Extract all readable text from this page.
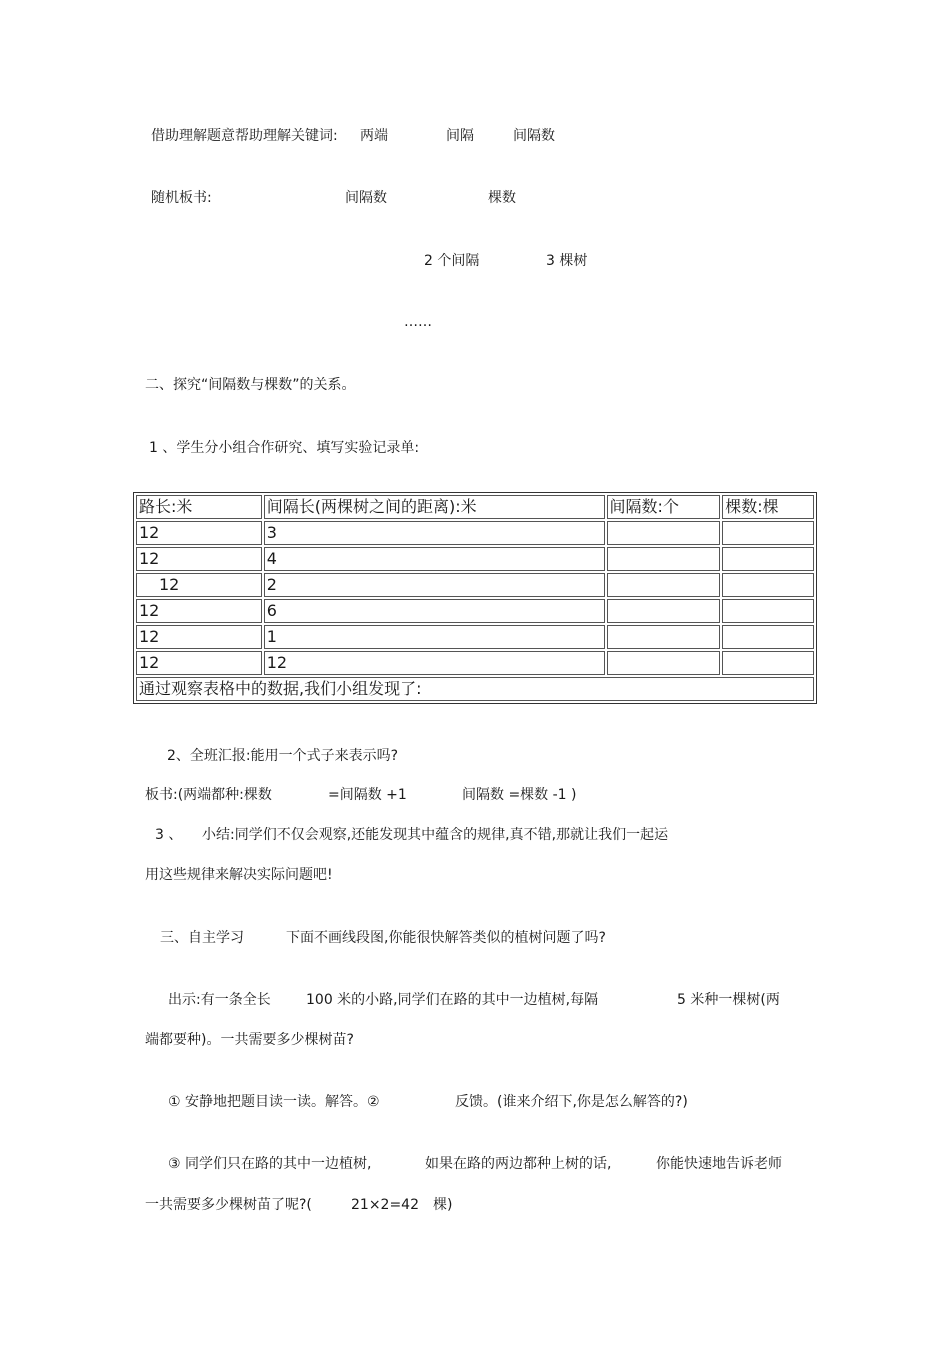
借助理解题意帮助理解关键词: 两端	间隔	间隔数
随机板书:	间隔数	棵数
2 个间隔	3 棵树
……
二、探究“间隔数与棵数”的关系。
1 、学生分小组合作研究、填写实验记录单:
路长:米	间隔长(两棵树之间的距离):米	间隔数:个	棵数:棵
12	3		
12	4		
12	2		
12	6		
12	1		
12	12		
通过观察表格中的数据,我们小组发现了:			
2、全班汇报:能用一个式子来表示吗?
板书:(两端都种:棵数	=间隔数 +1	间隔数 =棵数 -1 )
3 、 小结:同学们不仅会观察,还能发现其中蕴含的规律,真不错,那就让我们一起运
用这些规律来解决实际问题吧!
三、自主学习	下面不画线段图,你能很快解答类似的植树问题了吗?
出示:有一条全长	100 米的小路,同学们在路的其中一边植树,每隔	5 米种一棵树(两
端都要种)。一共需要多少棵树苗?
① 安静地把题目读一读。解答。②	反馈。(谁来介绍下,你是怎么解答的?)
③ 同学们只在路的其中一边植树,	如果在路的两边都种上树的话,	你能快速地告诉老师
一共需要多少棵树苗了呢?(	21×2=42 棵)
